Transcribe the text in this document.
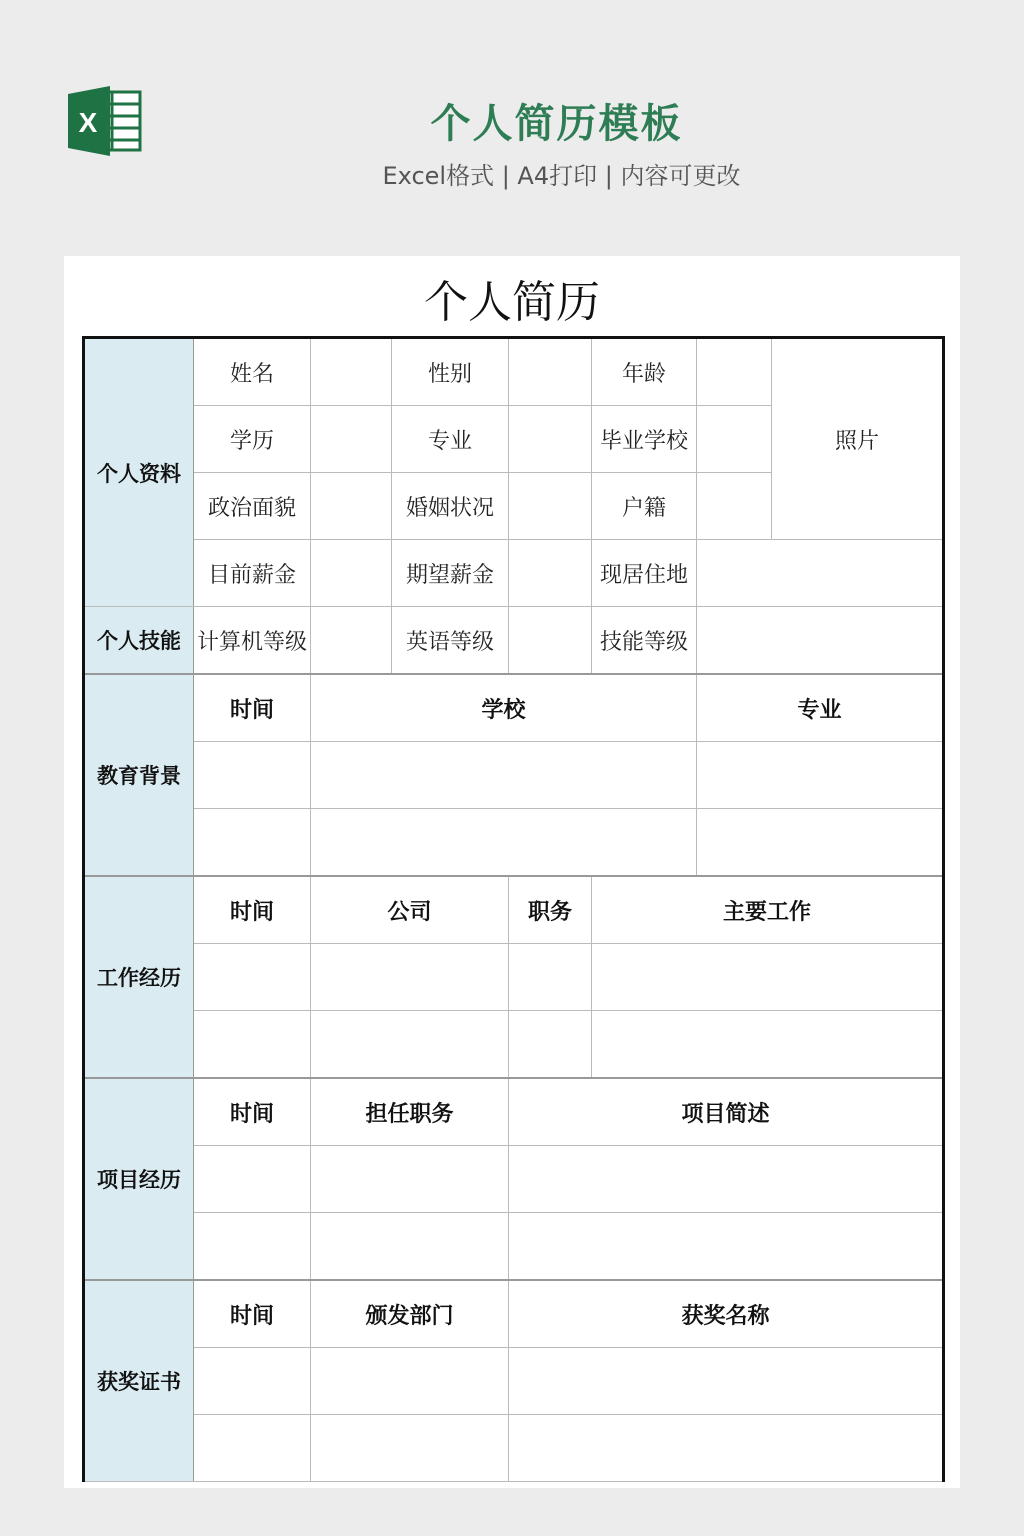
X	个人简历模板
Excel格式 | A4打印 | 内容可更改
个人简历
个人资料	姓名		性别		年龄		照片
	学历		专业		毕业学校		
	政治面貌		婚姻状况		户籍		
	目前薪金		期望薪金		现居住地		
个人技能	计算机等级		英语等级		技能等级		
教育背景	时间	学校				专业	

工作经历	时间	公司		职务	主要工作		

项目经历	时间	担任职务		项目简述			

获奖证书	时间	颁发部门		获奖名称			
